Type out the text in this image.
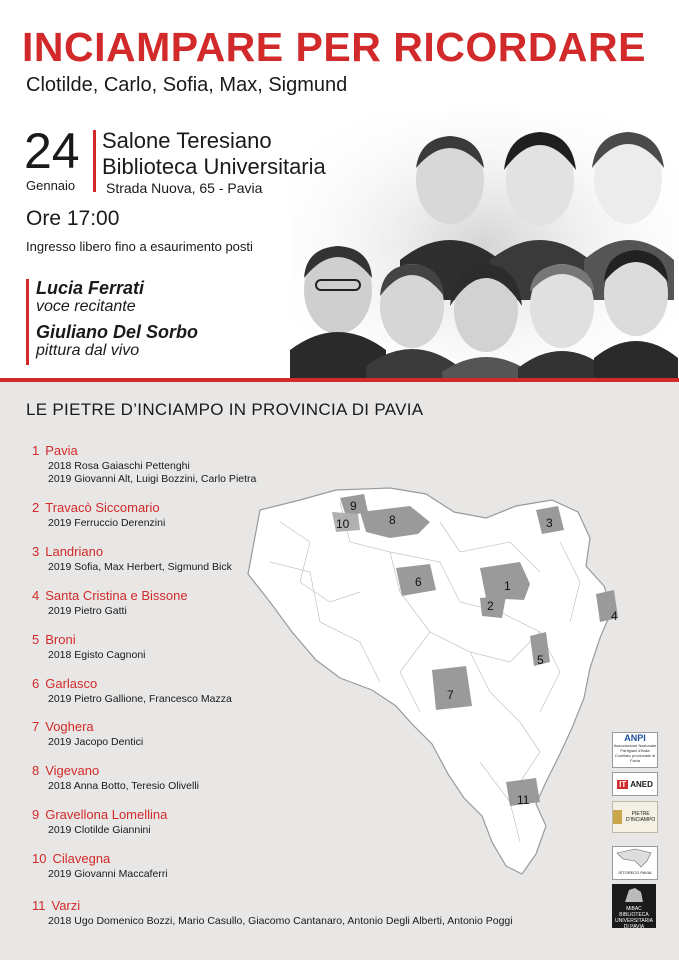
INCIAMPARE PER RICORDARE
Clotilde, Carlo, Sofia, Max, Sigmund
24
Gennaio
Salone Teresiano
Biblioteca Universitaria
Strada Nuova, 65 - Pavia
Ore 17:00
Ingresso libero fino a esaurimento posti
Lucia Ferrati
voce recitante
Giuliano Del Sorbo
pittura dal vivo
LE PIETRE D’INCIAMPO IN PROVINCIA DI PAVIA
1 Pavia
2018 Rosa Gaiaschi Pettenghi
2019 Giovanni Alt, Luigi Bozzini, Carlo Pietra
2 Travacò Siccomario
2019 Ferruccio Derenzini
3 Landriano
2019 Sofia, Max Herbert, Sigmund Bick
4 Santa Cristina e Bissone
2019 Pietro Gatti
5 Broni
2018 Egisto Cagnoni
6 Garlasco
2019 Pietro Gallione, Francesco Mazza
7 Voghera
2019 Jacopo Dentici
8 Vigevano
2018 Anna Botto, Teresio Olivelli
9 Gravellona Lomellina
2019 Clotilde Giannini
10 Cilavegna
2019 Giovanni Maccaferri
11 Varzi
2018 Ugo Domenico Bozzi, Mario Casullo, Giacomo Cantanaro, Antonio Degli Alberti, Antonio Poggi
1
2
3
4
5
6
7
8
9
10
11
ANPI
Associazione Nazionale Partigiani d'Italia Comitato provinciale di Pavia
IT ANED
PIETRE D'INCIAMPO
ISTORECO PAVIA
MiBAC BIBLIOTECA UNIVERSITARIA DI PAVIA
